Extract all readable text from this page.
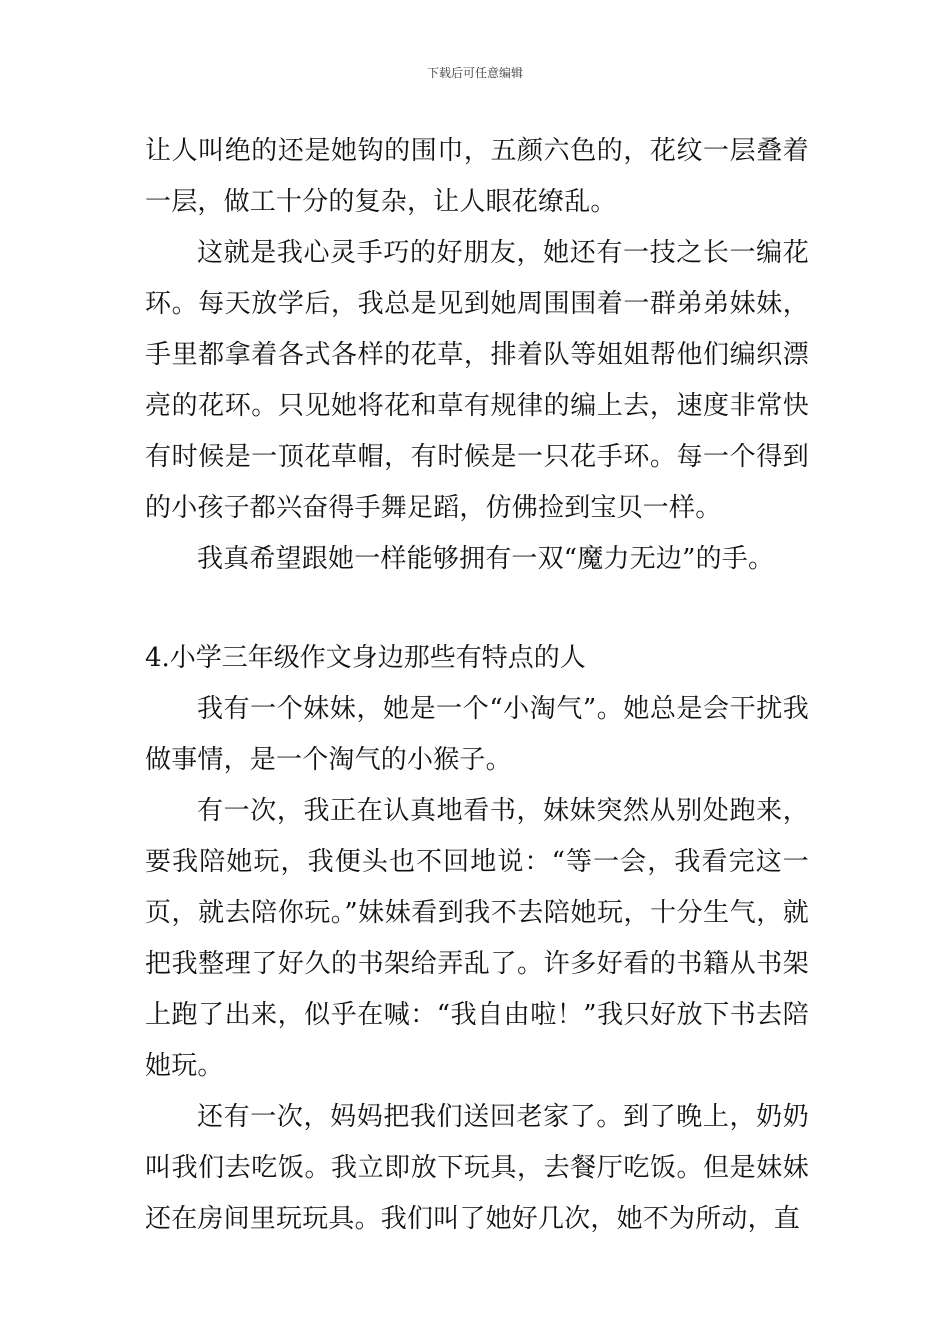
下载后可任意编辑

让人叫绝的还是她钩的围巾，五颜六色的，花纹一层叠着一层，做工十分的复杂，让人眼花缭乱。

这就是我心灵手巧的好朋友，她还有一技之长一编花环。每天放学后，我总是见到她周围围着一群弟弟妹妹，手里都拿着各式各样的花草，排着队等姐姐帮他们编织漂亮的花环。只见她将花和草有规律的编上去，速度非常快有时候是一顶花草帽，有时候是一只花手环。每一个得到的小孩子都兴奋得手舞足蹈，仿佛捡到宝贝一样。

我真希望跟她一样能够拥有一双“魔力无边”的手。

4.小学三年级作文身边那些有特点的人

我有一个妹妹，她是一个“小淘气”。她总是会干扰我做事情，是一个淘气的小猴子。

有一次，我正在认真地看书，妹妹突然从别处跑来，要我陪她玩，我便头也不回地说：“等一会，我看完这一页，就去陪你玩。”妹妹看到我不去陪她玩，十分生气，就把我整理了好久的书架给弄乱了。许多好看的书籍从书架上跑了出来，似乎在喊：“我自由啦！”我只好放下书去陪她玩。

还有一次，妈妈把我们送回老家了。到了晚上，奶奶叫我们去吃饭。我立即放下玩具，去餐厅吃饭。但是妹妹还在房间里玩玩具。我们叫了她好几次，她不为所动，直
